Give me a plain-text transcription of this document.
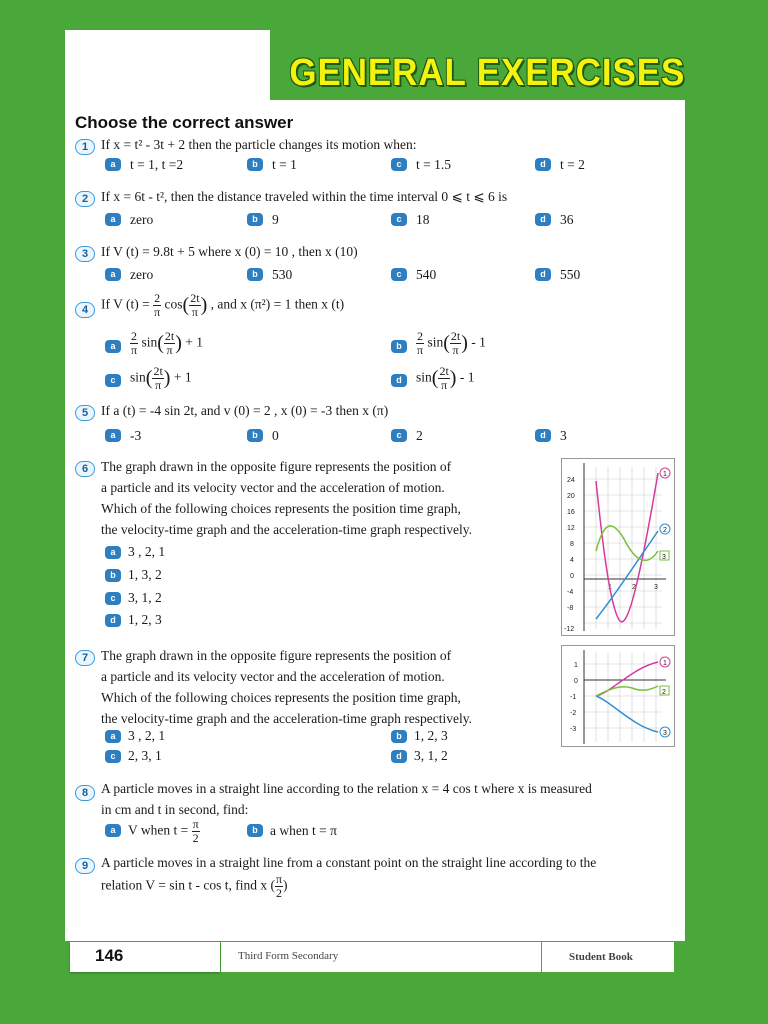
GENERAL EXERCISES
Choose the correct answer
1 If x = t² - 3t + 2 then the particle changes its motion when:
a	t = 1, t =2	b	t = 1	c	t = 1.5	d	t = 2
2 If x = 6t - t², then the distance traveled within the time interval 0 ⩽ t ⩽ 6 is
a	zero	b	9	c	18	d	36
3 If V (t) = 9.8t + 5 where x (0) = 10 , then x (10)
a	zero	b	530	c	540	d	550
4 If V $(t) = \frac{2}{\pi} \cos( \frac{2t}{\pi}$ ) , and x (π²) = 1 then x (t)
a	$\frac{2}{\pi} \sin( \frac{2t}{\pi}$ ) + 1	b	$\frac{2}{\pi} \sin( \frac{2t}{\pi}$ ) - 1
c	$\sin( \frac{2t}{\pi}$ ) + 1	d	$\sin( \frac{2t}{\pi}$ ) - 1
5 If a (t) = -4 sin 2t, and v (0) = 2 , x (0) = -3 then x (π)
a	-3	b	0	c	2	d	3
6 The graph drawn in the opposite figure represents the position of
a particle and its velocity vector and the acceleration of motion.
Which of the following choices represents the position time graph,
the velocity-time graph and the acceleration-time graph respectively.
a 3 , 2, 1
b 1, 3, 2
c 3, 1, 2
d 1, 2, 3
24
20
16
12
8
4
0
-4
-8
-12
1	2	3
1
2
3
7 The graph drawn in the opposite figure represents the position of
a particle and its velocity vector and the acceleration of motion.
Which of the following choices represents the position time graph,
the velocity-time graph and the acceleration-time graph respectively.
a 3 , 2, 1	b 1, 2, 3
c 2, 3, 1	d 3, 1, 2
1
0
-1
-2
-3
1
2
3
8 A particle moves in a straight line according to the relation x = 4 cos t where x is measured
in cm and t in second, find:
a V when $t = \frac{\pi}{2}$	b a when t = π
9 A particle moves in a straight line from a constant point on the straight line according to the
relation V = sin t - cos t, find x ( $\frac{\pi}{2}$ )
146	Third Form Secondary	Student Book
